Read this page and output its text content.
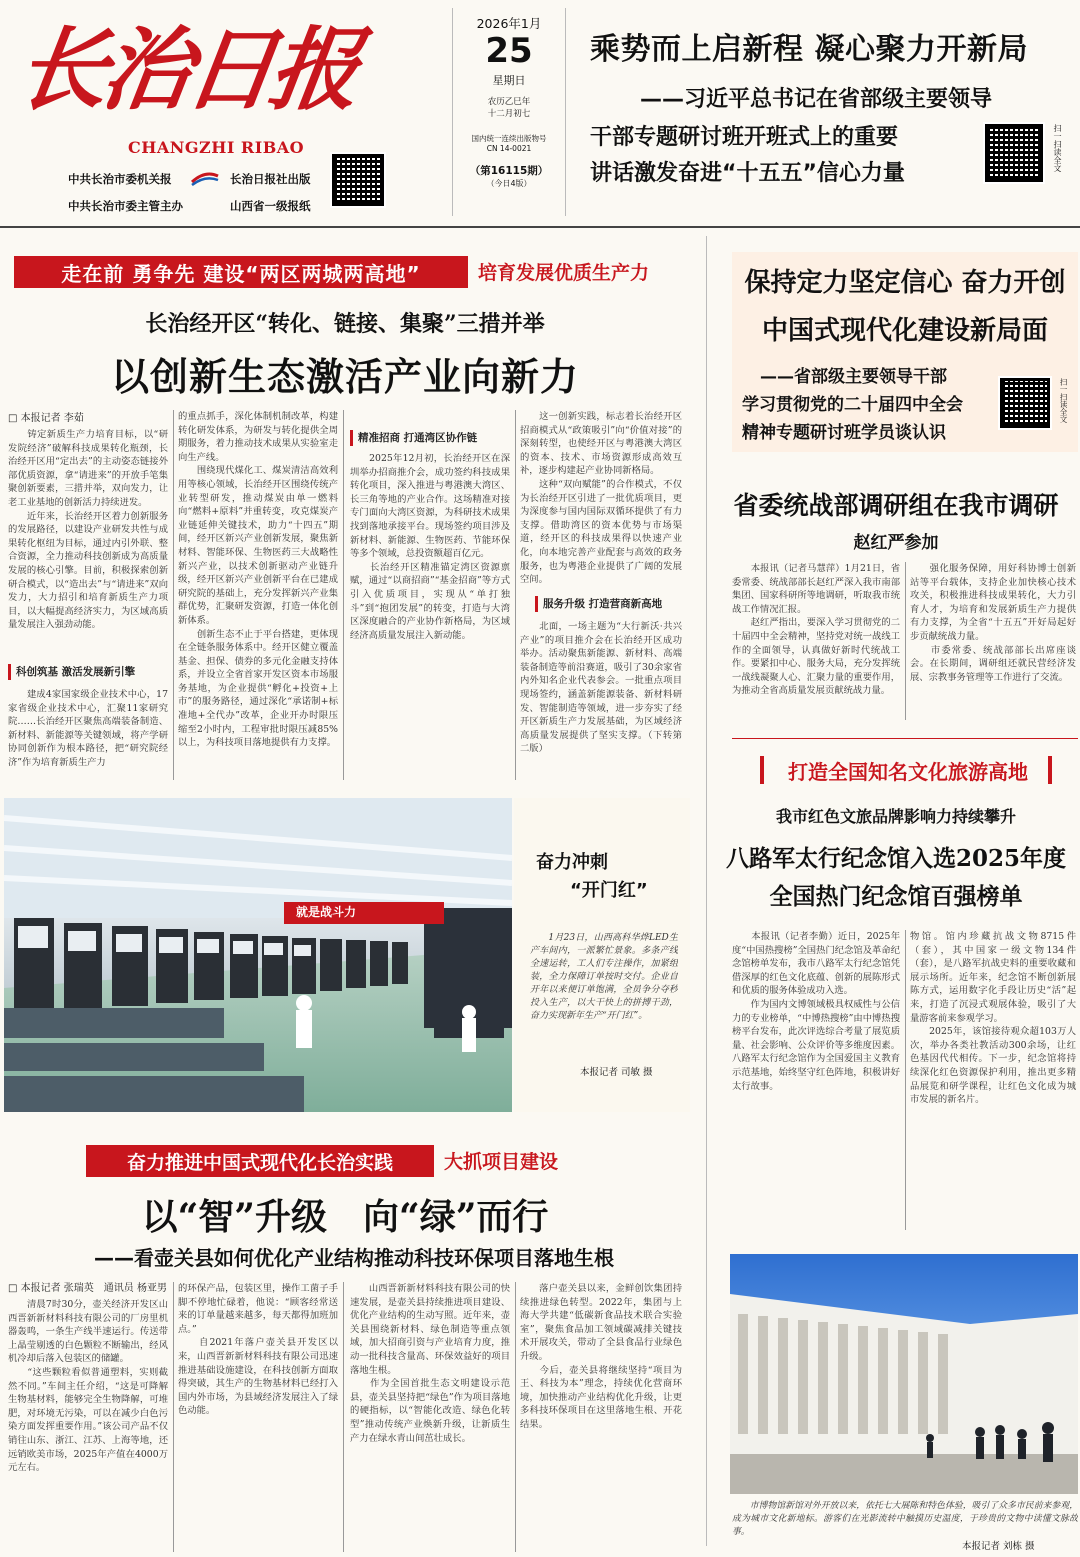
长治日报
CHANGZHI RIBAO
中共长治市委机关报	长治日报社出版
中共长治市委主管主办	山西省一级报纸
2026年1月
25
星期日
农历乙巳年
十二月初七
国内统一连续出版物号
CN 14-0021
（第16115期）
（今日4版）
乘势而上启新程 凝心聚力开新局
——习近平总书记在省部级主要领导
干部专题研讨班开班式上的重要
讲话激发奋进“十五五”信心力量
扫一扫读全文
走在前 勇争先 建设“两区两城两高地”	培育发展优质生产力
长治经开区“转化、链接、集聚”三措并举
以创新生态激活产业向新力
□ 本报记者 李茹
　　铸定新质生产力培育目标，以“研发院经济”破解科技成果转化瓶颈，长治经开区用“定出去”的主动姿态链接外部优质资源，拿“请进来”的开放手笔集聚创新要素，三措并举，双向发力，让老工业基地的创新活力持续迸发。
　　近年来，长治经开区着力创新服务的发展路径，以建设产业研发共性与成果转化枢纽为目标，通过内引外联、整合资源，全力推动科技创新成为高质量发展的核心引擎。目前，积极探索创新研合模式，以“造出去”与“请进来”双向发力，大力招引和培育新质生产力项目，以大幅提高经济实力，为区域高质量发展注入强劲动能。
科创筑基 激活发展新引擎
　　建成4家国家级企业技术中心，17家省级企业技术中心，汇聚11家研究院……长治经开区聚焦高端装备制造、新材料、新能源等关键领域，将产学研协同创新作为根本路径，把“研究院经济”作为培育新质生产力
的重点抓手，深化体制机制改革，构建转化研发体系，为研发与转化提供全周期服务，着力推动技术成果从实验室走向生产线。
　　围绕现代煤化工、煤炭清洁高效利用等核心领域，长治经开区围绕传统产业转型研发，推动煤炭由单一燃料向“燃料+原料”并重转变，攻克煤炭产业链延伸关键技术，助力“十四五”期间，经开区新兴产业创新发展，聚焦新材料、智能环保、生物医药三大战略性新兴产业，以技术创新驱动产业链升级，经开区新兴产业创新平台在已建成研究院的基础上，充分发挥新兴产业集群优势，汇聚研发资源，打造一体化创新体系。
　　创新生态不止于平台搭建，更体现在全链条服务体系中。经开区健立覆盖基金、担保、债券的多元化金融支持体系，并设立全省首家开发区资本市场服务基地，为企业提供“孵化+投资+上市”的服务路径，通过深化“承诺制+标准地+全代办”改革，企业开办时限压缩至2小时内，工程审批时限压减85%以上，为科技项目落地提供有力支撑。
精准招商 打通湾区协作链
　　2025年12月初，长治经开区在深圳举办招商推介会，成功签约科技成果转化项目，深入推进与粤港澳大湾区、长三角等地的产业合作。这场精准对接专门面向大湾区资源，为科研技术成果找到落地承接平台。现场签约项目涉及新材料、新能源、生物医药、节能环保等多个领域，总投资额超百亿元。
　　长治经开区精准锚定湾区资源禀赋，通过“以商招商”“基金招商”等方式引入优质项目，实现从“单打独斗”到“抱团发展”的转变，打造与大湾区深度融合的产业协作新格局，为区域经济高质量发展注入新动能。
　　这一创新实践，标志着长治经开区招商模式从“政策吸引”向“价值对接”的深刻转型，也使经开区与粤港澳大湾区的资本、技术、市场资源形成高效互补，逐步构建起产业协同新格局。
　　这种“双向赋能”的合作模式，不仅为长治经开区引进了一批优质项目，更为深度参与国内国际双循环提供了有力支撑。借助湾区的资本优势与市场渠道，经开区的科技成果得以快速产业化，向本地完善产业配套与高效的政务服务，也为粤港企业提供了广阔的发展空间。
服务升级 打造营商新高地
　　北面，一场主题为“大行新沃·共兴产业”的项目推介会在长治经开区成功举办。活动聚焦新能源、新材料、高端装备制造等前沿赛道，吸引了30余家省内外知名企业代表参会。一批重点项目现场签约，涵盖新能源装备、新材料研发、智能制造等领域，进一步夯实了经开区新质生产力发展基础，为区域经济高质量发展提供了坚实支撑。（下转第二版）
就是战斗力
奋力冲刺
“开门红”
　　1月23日，山西高科华烨LED生产车间内，一派繁忙景象。多条产线全速运转，工人们专注操作，加紧组装，全力保障订单按时交付。企业自开年以来便订单饱满，全员争分夺秒投入生产，以大干快上的拼搏干劲，奋力实现新年生产“开门红”。
本报记者 司敏 摄
奋力推进中国式现代化长治实践	大抓项目建设
以“智”升级　向“绿”而行
——看壶关县如何优化产业结构推动科技环保项目落地生根
□ 本报记者 张瑞英　通讯员 杨亚男
　　清晨7时30分，壶关经济开发区山西晋新新材料科技有限公司的厂房里机器轰鸣，一条生产线半速运行。传送带上晶莹剔透的白色颗粒不断输出，经风机冷却后落入包装区的储罐。
　　“这些颗粒看似普通塑料，实则截然不同。”车间主任介绍，“这是可降解生物基材料，能够完全生物降解，可堆肥，对环境无污染，可以在减少白色污染方面发挥重要作用。”该公司产品不仅销往山东、浙江、江苏、上海等地，还远销欧美市场，2025年产值在4000万元左右。
的环保产品，包装区里，操作工菌子手脚不停地忙碌着，他说：“顾客经常送来的订单量越来越多，每天都得加班加点。”
　　自2021年落户壶关县开发区以来，山西晋新新材料科技有限公司迅速推进基础设施建设，在科技创新方面取得突破，其生产的生物基材料已经打入国内外市场，为县域经济发展注入了绿色动能。
　　山西晋新新材料科技有限公司的快速发展，是壶关县持续推进项目建设、优化产业结构的生动写照。近年来，壶关县围绕新材料、绿色制造等重点领域，加大招商引资与产业培育力度，推动一批科技含量高、环保效益好的项目落地生根。
　　作为全国首批生态文明建设示范县，壶关县坚持把“绿色”作为项目落地的硬指标，以“智能化改造、绿色化转型”推动传统产业焕新升级，让新质生产力在绿水青山间茁壮成长。
　　落户壶关县以来，金鲜创饮集团持续推进绿色转型。2022年，集团与上海大学共建“低碳新食品技术联合实验室”，聚焦食品加工领域碳减排关键技术开展攻关，带动了全县食品行业绿色升级。
　　今后，壶关县将继续坚持“项目为王、科技为本”理念，持续优化营商环境，加快推动产业结构优化升级，让更多科技环保项目在这里落地生根、开花结果。
保持定力坚定信心 奋力开创
中国式现代化建设新局面
——省部级主要领导干部
学习贯彻党的二十届四中全会
精神专题研讨班学员谈认识
扫一扫读全文
省委统战部调研组在我市调研
赵红严参加
　　本报讯（记者马慧萍）1月21日，省委常委、统战部部长赵红严深入我市南部集团、国家科研所等地调研，听取我市统战工作情况汇报。
　　赵红严指出，要深入学习贯彻党的二十届四中全会精神，坚持党对统一战线工作的全面领导，认真做好新时代统战工作。要紧扣中心、服务大局，充分发挥统一战线凝聚人心、汇聚力量的重要作用，为推动全省高质量发展贡献统战力量。
　　强化服务保障，用好科协博士创新站等平台载体，支持企业加快核心技术攻关，积极推进科技成果转化，大力引育人才，为培育和发展新质生产力提供有力支撑，为全省“十五五”开好局起好步贡献统战力量。
　　市委常委、统战部部长出席座谈会。在长期间，调研组还就民营经济发展、宗教事务管理等工作进行了交流。
打造全国知名文化旅游高地
我市红色文旅品牌影响力持续攀升
八路军太行纪念馆入选2025年度
全国热门纪念馆百强榜单
　　本报讯（记者李勤）近日，2025年度“中国热搜榜”全国热门纪念馆及革命纪念馆榜单发布，我市八路军太行纪念馆凭借深厚的红色文化底蕴、创新的展陈形式和优质的服务体验成功入选。
　　作为国内文博领域极具权威性与公信力的专业榜单，“中博热搜榜”由中博热搜榜平台发布，此次评选综合考量了展览质量、社会影响、公众评价等多维度因素。八路军太行纪念馆作为全国爱国主义教育示范基地，始终坚守红色阵地，积极讲好太行故事。
物馆。馆内珍藏抗战文物8715件（套），其中国家一级文物134件（套），是八路军抗战史料的重要收藏和展示场所。近年来，纪念馆不断创新展陈方式，运用数字化手段让历史“活”起来，打造了沉浸式观展体验，吸引了大量游客前来参观学习。
　　2025年，该馆接待观众超103万人次，举办各类社教活动300余场，让红色基因代代相传。下一步，纪念馆将持续深化红色资源保护利用，推出更多精品展览和研学课程，让红色文化成为城市发展的新名片。
　　市博物馆新馆对外开放以来，依托七大展陈和特色体验，吸引了众多市民前来参观，成为城市文化新地标。游客们在光影流转中触摸历史温度，于珍贵的文物中读懂文脉故事。
本报记者 刘栋 摄
